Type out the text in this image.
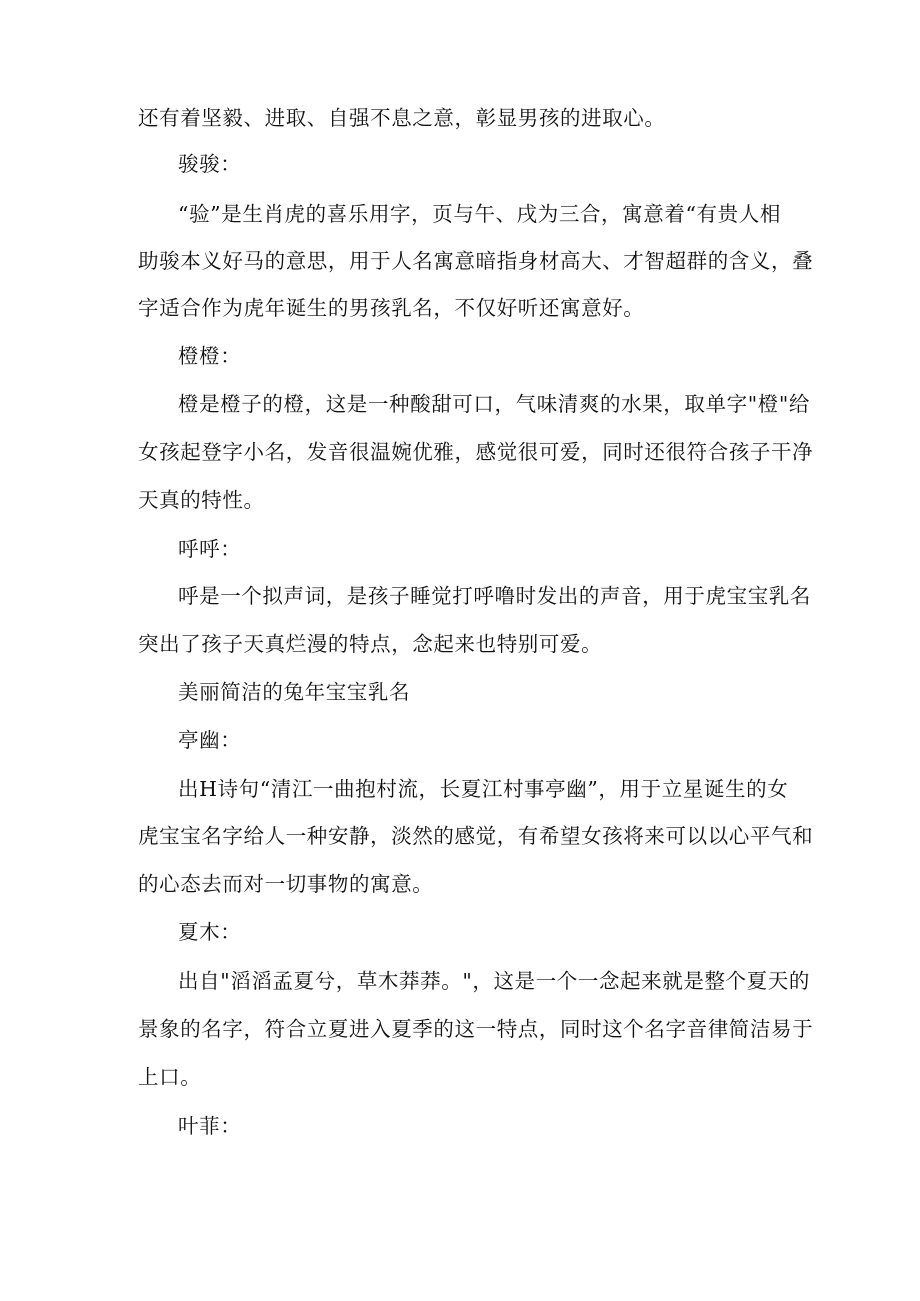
还有着坚毅、进取、自强不息之意，彰显男孩的进取心。
骏骏：
“验”是生肖虎的喜乐用字，页与午、戌为三合，寓意着“有贵人相
助骏本义好马的意思，用于人名寓意暗指身材高大、才智超群的含义，叠
字适合作为虎年诞生的男孩乳名，不仅好听还寓意好。
橙橙：
橙是橙子的橙，这是一种酸甜可口，气味清爽的水果，取单字"橙"给
女孩起登字小名，发音很温婉优雅，感觉很可爱，同时还很符合孩子干净
天真的特性。
呼呼：
呼是一个拟声词，是孩子睡觉打呼噜时发出的声音，用于虎宝宝乳名
突出了孩子天真烂漫的特点，念起来也特别可爱。
美丽简洁的兔年宝宝乳名
亭幽：
出H诗句“清江一曲抱村流，长夏江村事亭幽”，用于立星诞生的女
虎宝宝名字给人一种安静，淡然的感觉，有希望女孩将来可以以心平气和
的心态去而对一切事物的寓意。
夏木：
出自"滔滔孟夏兮，草木莽莽。"，这是一个一念起来就是整个夏天的
景象的名字，符合立夏进入夏季的这一特点，同时这个名字音律简洁易于
上口。
叶菲：
